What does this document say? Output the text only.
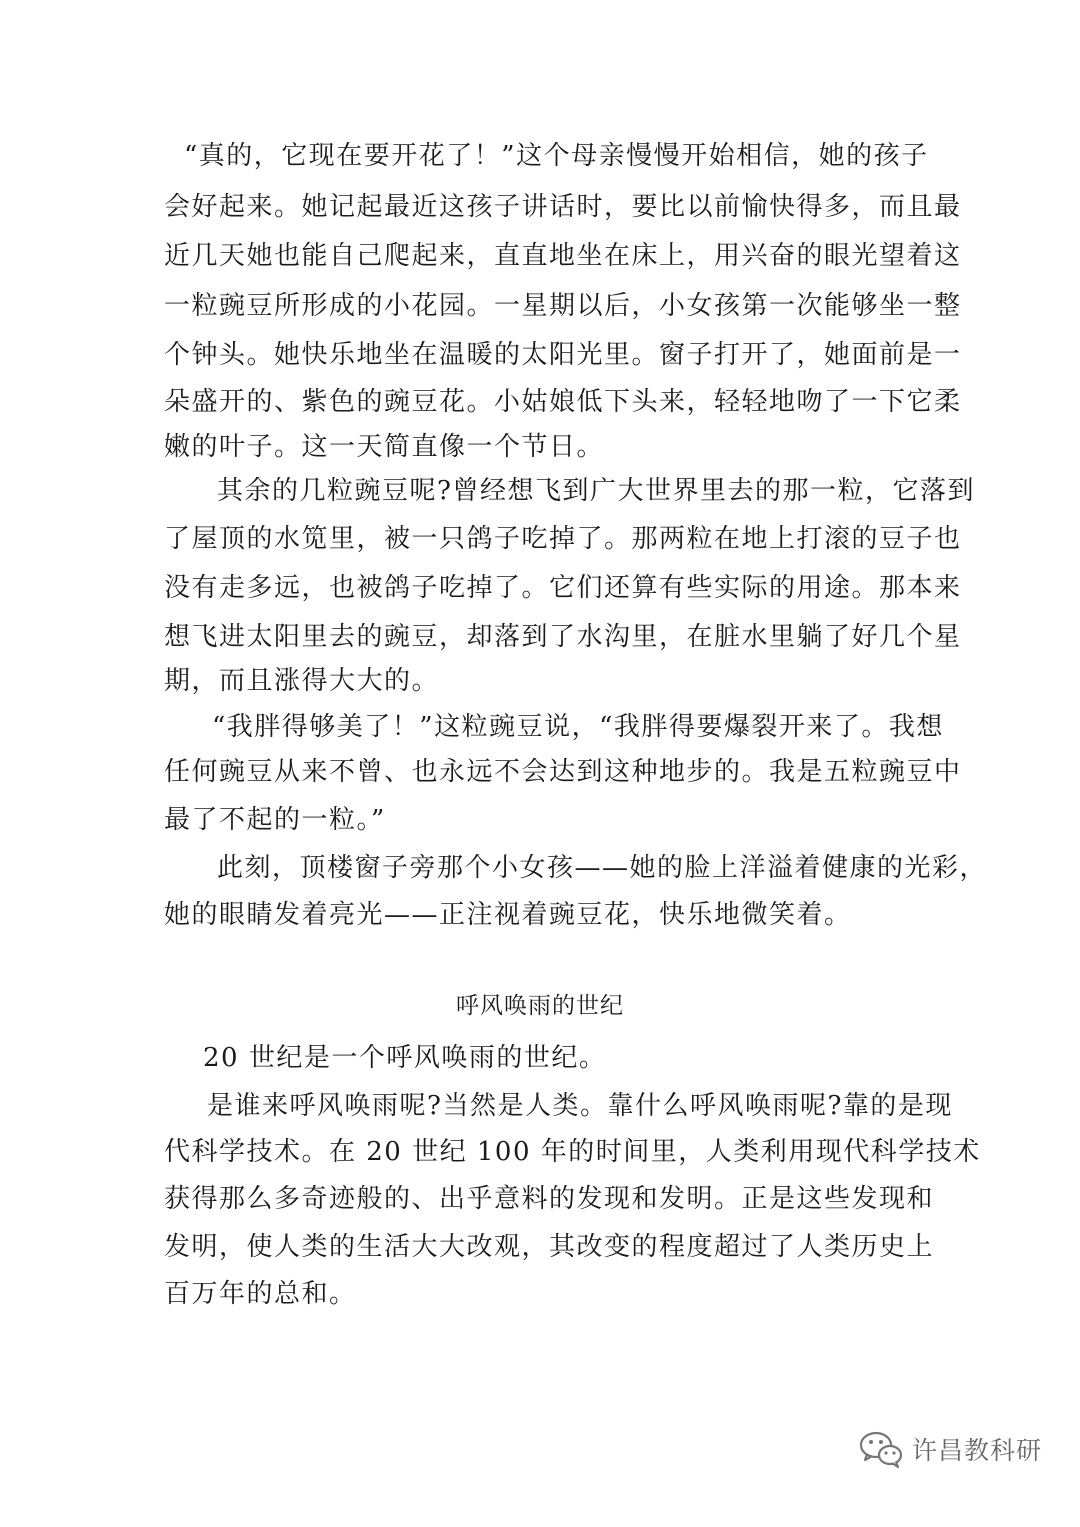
“真的，它现在要开花了！”这个母亲慢慢开始相信，她的孩子
会好起来。她记起最近这孩子讲话时，要比以前愉快得多，而且最
近几天她也能自己爬起来，直直地坐在床上，用兴奋的眼光望着这
一粒豌豆所形成的小花园。一星期以后，小女孩第一次能够坐一整
个钟头。她快乐地坐在温暖的太阳光里。窗子打开了，她面前是一
朵盛开的、紫色的豌豆花。小姑娘低下头来，轻轻地吻了一下它柔
嫩的叶子。这一天简直像一个节日。
其余的几粒豌豆呢?曾经想飞到广大世界里去的那一粒，它落到
了屋顶的水笕里，被一只鸽子吃掉了。那两粒在地上打滚的豆子也
没有走多远，也被鸽子吃掉了。它们还算有些实际的用途。那本来
想飞进太阳里去的豌豆，却落到了水沟里，在脏水里躺了好几个星
期，而且涨得大大的。
“我胖得够美了！”这粒豌豆说，“我胖得要爆裂开来了。我想
任何豌豆从来不曾、也永远不会达到这种地步的。我是五粒豌豆中
最了不起的一粒。”
此刻，顶楼窗子旁那个小女孩——她的脸上洋溢着健康的光彩，
她的眼睛发着亮光——正注视着豌豆花，快乐地微笑着。
呼风唤雨的世纪
20 世纪是一个呼风唤雨的世纪。
是谁来呼风唤雨呢?当然是人类。靠什么呼风唤雨呢?靠的是现
代科学技术。在 20 世纪 100 年的时间里，人类利用现代科学技术
获得那么多奇迹般的、出乎意料的发现和发明。正是这些发现和
发明，使人类的生活大大改观，其改变的程度超过了人类历史上
百万年的总和。
许昌教科研
